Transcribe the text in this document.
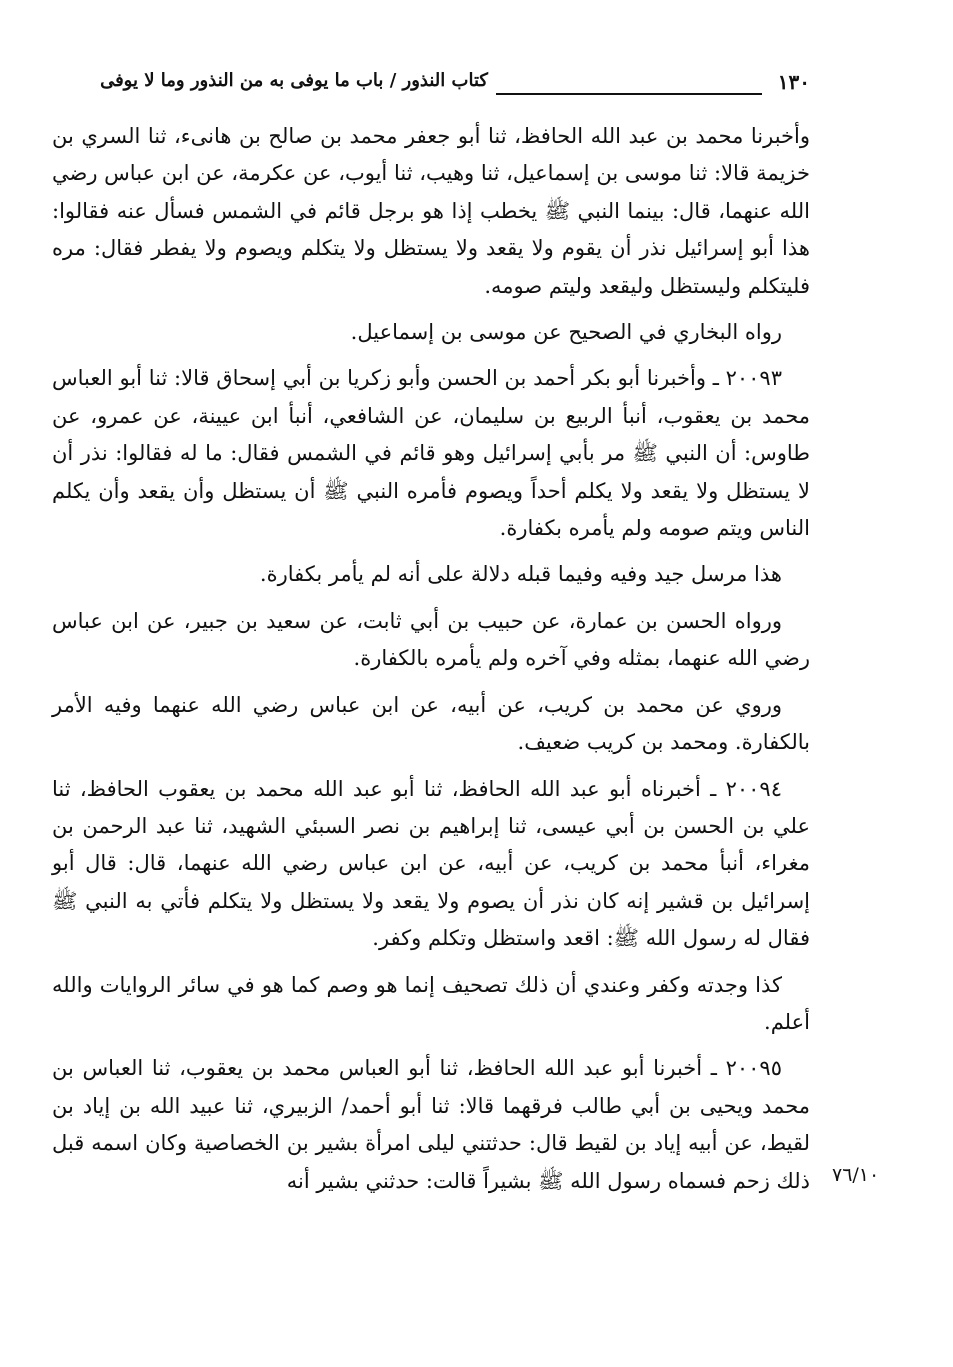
١٣٠
كتاب النذور / باب ما يوفى به من النذور وما لا يوفى

وأخبرنا محمد بن عبد الله الحافظ، ثنا أبو جعفر محمد بن صالح بن هانىء، ثنا السري بن خزيمة قالا: ثنا موسى بن إسماعيل، ثنا وهيب، ثنا أيوب، عن عكرمة، عن ابن عباس رضي الله عنهما، قال: بينما النبي ﷺ يخطب إذا هو برجل قائم في الشمس فسأل عنه فقالوا: هذا أبو إسرائيل نذر أن يقوم ولا يقعد ولا يستظل ولا يتكلم ويصوم ولا يفطر فقال: مره فليتكلم وليستظل وليقعد وليتم صومه.

رواه البخاري في الصحيح عن موسى بن إسماعيل.

٢٠٠٩٣ ـ وأخبرنا أبو بكر أحمد بن الحسن وأبو زكريا بن أبي إسحاق قالا: ثنا أبو العباس محمد بن يعقوب، أنبأ الربيع بن سليمان، عن الشافعي، أنبأ ابن عيينة، عن عمرو، عن طاوس: أن النبي ﷺ مر بأبي إسرائيل وهو قائم في الشمس فقال: ما له فقالوا: نذر أن لا يستظل ولا يقعد ولا يكلم أحداً ويصوم فأمره النبي ﷺ أن يستظل وأن يقعد وأن يكلم الناس ويتم صومه ولم يأمره بكفارة.

هذا مرسل جيد وفيه وفيما قبله دلالة على أنه لم يأمر بكفارة.

ورواه الحسن بن عمارة، عن حبيب بن أبي ثابت، عن سعيد بن جبير، عن ابن عباس رضي الله عنهما، بمثله وفي آخره ولم يأمره بالكفارة.

وروي عن محمد بن كريب، عن أبيه، عن ابن عباس رضي الله عنهما وفيه الأمر بالكفارة. ومحمد بن كريب ضعيف.

٢٠٠٩٤ ـ أخبرناه أبو عبد الله الحافظ، ثنا أبو عبد الله محمد بن يعقوب الحافظ، ثنا علي بن الحسن بن أبي عيسى، ثنا إبراهيم بن نصر السبئي الشهيد، ثنا عبد الرحمن بن مغراء، أنبأ محمد بن كريب، عن أبيه، عن ابن عباس رضي الله عنهما، قال: قال أبو إسرائيل بن قشير إنه كان نذر أن يصوم ولا يقعد ولا يستظل ولا يتكلم فأتي به النبي ﷺ فقال له رسول الله ﷺ: اقعد واستظل وتكلم وكفر.

كذا وجدته وكفر وعندي أن ذلك تصحيف إنما هو وصم كما هو في سائر الروايات والله أعلم.

٢٠٠٩٥ ـ أخبرنا أبو عبد الله الحافظ، ثنا أبو العباس محمد بن يعقوب، ثنا العباس بن محمد ويحيى بن أبي طالب فرقهما قالا: ثنا أبو أحمد/ الزبيري، ثنا عبيد الله بن إياد بن لقيط، عن أبيه إياد بن لقيط قال: حدثتني ليلى امرأة بشير بن الخصاصية وكان اسمه قبل ذلك زحم فسماه رسول الله ﷺ بشيراً قالت: حدثني بشير أنه ٧٦/١٠
